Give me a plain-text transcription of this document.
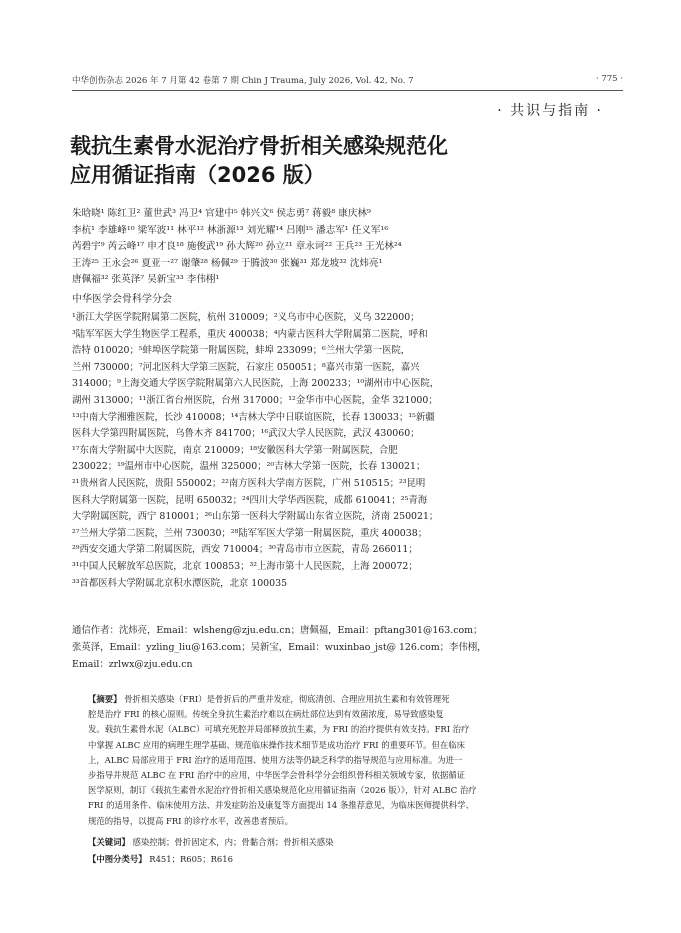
中华创伤杂志 2026 年 7 月第 42 卷第 7 期 Chin J Trauma, July 2026, Vol. 42, No. 7	· 775 ·
· 共识与指南 ·
载抗生素骨水泥治疗骨折相关感染规范化
应用循证指南（2026 版）
朱晗晓¹ 陈红卫² 董世武³ 冯卫⁴ 官建中⁵ 韩兴文⁶ 侯志勇⁷ 蒋毅⁸ 康庆林⁹
李杭¹ 李雄峰¹⁰ 梁军波¹¹ 林平¹² 林浙源¹³ 刘光耀¹⁴ 吕刚¹⁵ 潘志军¹ 任义军¹⁶
芮碧宇⁹ 芮云峰¹⁷ 申才良¹⁸ 施俊武¹⁹ 孙大辉²⁰ 孙立²¹ 章永诃²² 王兵²³ 王光林²⁴
王涛²⁵ 王永会²⁶ 夏亚一²⁷ 谢肇²⁸ 杨佩²⁹ 于腾波³⁰ 张巍³¹ 郑龙坡³² 沈炜亮¹
唐佩福³² 张英泽⁷ 吴新宝³³ 李伟栩¹
中华医学会骨科学分会
¹浙江大学医学院附属第二医院，杭州 310009；²义乌市中心医院，义乌 322000；
³陆军军医大学生物医学工程系，重庆 400038；⁴内蒙古医科大学附属第二医院，呼和
浩特 010020；⁵蚌埠医学院第一附属医院，蚌埠 233099；⁶兰州大学第一医院，
兰州 730000；⁷河北医科大学第三医院，石家庄 050051；⁸嘉兴市第一医院，嘉兴
314000；⁹上海交通大学医学院附属第六人民医院，上海 200233；¹⁰湖州市中心医院，
湖州 313000；¹¹浙江省台州医院，台州 317000；¹²金华市中心医院，金华 321000；
¹³中南大学湘雅医院，长沙 410008；¹⁴吉林大学中日联谊医院，长春 130033；¹⁵新疆
医科大学第四附属医院，乌鲁木齐 841700；¹⁶武汉大学人民医院，武汉 430060；
¹⁷东南大学附属中大医院，南京 210009；¹⁸安徽医科大学第一附属医院，合肥
230022；¹⁹温州市中心医院，温州 325000；²⁰吉林大学第一医院，长春 130021；
²¹贵州省人民医院，贵阳 550002；²²南方医科大学南方医院，广州 510515；²³昆明
医科大学附属第一医院，昆明 650032；²⁴四川大学华西医院，成都 610041；²⁵青海
大学附属医院，西宁 810001；²⁶山东第一医科大学附属山东省立医院，济南 250021；
²⁷兰州大学第二医院，兰州 730030；²⁸陆军军医大学第一附属医院，重庆 400038；
²⁹西安交通大学第二附属医院，西安 710004；³⁰青岛市市立医院，青岛 266011；
³¹中国人民解放军总医院，北京 100853；³²上海市第十人民医院，上海 200072；
³³首都医科大学附属北京积水潭医院，北京 100035
通信作者：沈炜亮，Email：wlsheng@zju.edu.cn；唐佩福，Email：pftang301@163.com；
张英泽，Email：yzling_liu@163.com；吴新宝，Email：wuxinbao_jst@ 126.com；李伟栩，
Email：zrlwx@zju.edu.cn
【摘要】 骨折相关感染（FRI）是骨折后的严重并发症，彻底清创、合理应用抗生素和有效管理死
腔是治疗 FRI 的核心原则。传统全身抗生素治疗难以在病灶部位达到有效菌浓度，易导致感染复
发。载抗生素骨水泥（ALBC）可填充死腔并局部释放抗生素，为 FRI 的治疗提供有效支持。FRI 治疗
中掌握 ALBC 应用的病理生理学基础、规范临床操作技术细节是成功治疗 FRI 的重要环节。但在临床
上，ALBC 局部应用于 FRI 治疗的适用范围、使用方法等仍缺乏科学的指导规范与应用标准。为进一
步指导并规范 ALBC 在 FRI 治疗中的应用，中华医学会骨科学分会组织骨科相关领域专家，依据循证
医学原则，制订《载抗生素骨水泥治疗骨折相关感染规范化应用循证指南（2026 版）》，针对 ALBC 治疗
FRI 的适用条件、临床使用方法、并发症防治及康复等方面提出 14 条推荐意见，为临床医师提供科学、
规范的指导，以提高 FRI 的诊疗水平，改善患者预后。
【关键词】 感染控制；骨折固定术，内；骨黏合剂；骨折相关感染
【中图分类号】 R451；R605；R616
